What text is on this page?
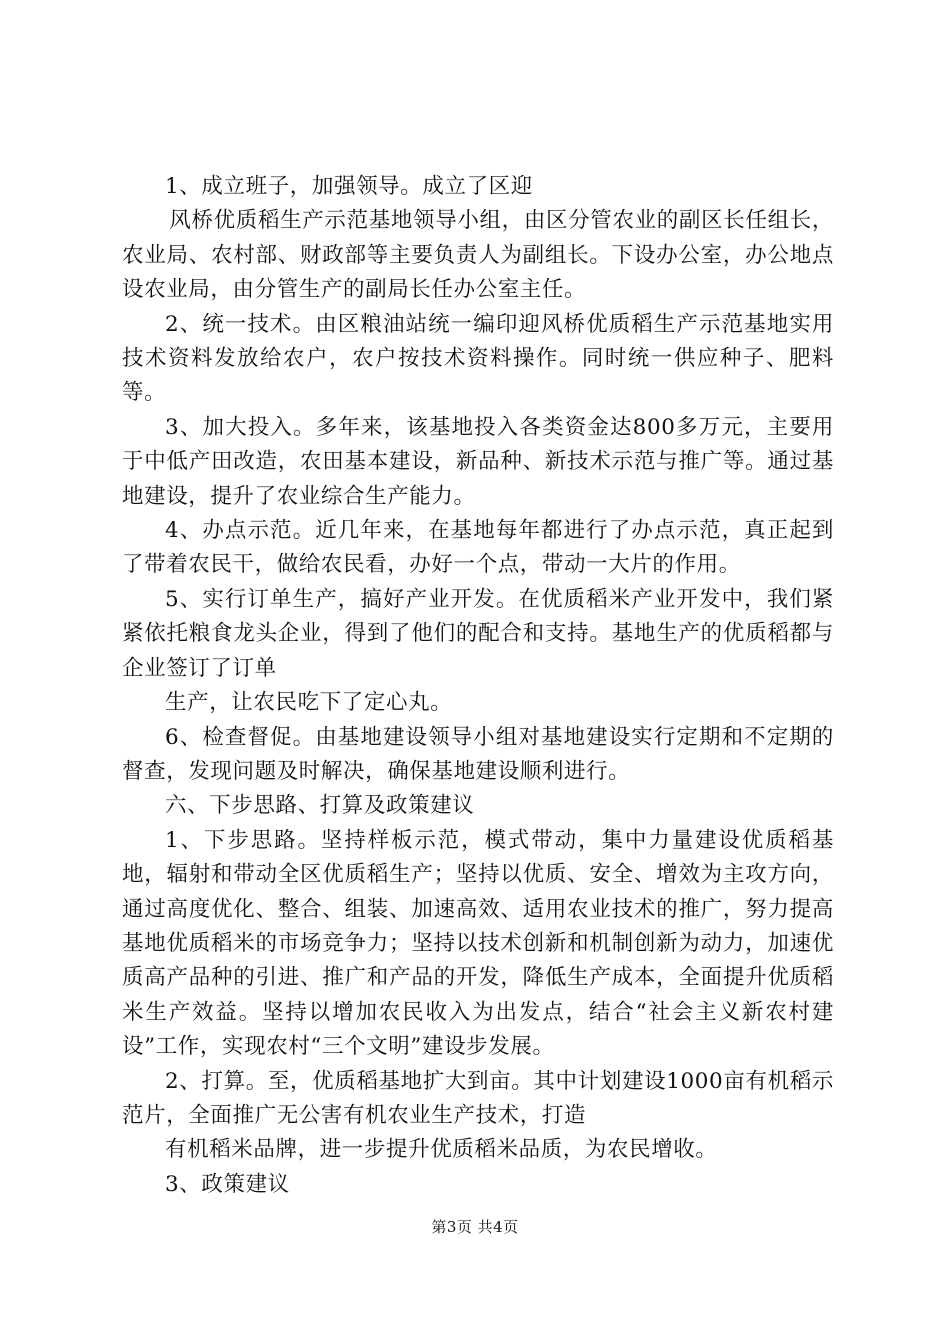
1、成立班子，加强领导。成立了区迎

风桥优质稻生产示范基地领导小组，由区分管农业的副区长任组长，农业局、农村部、财政部等主要负责人为副组长。下设办公室，办公地点设农业局，由分管生产的副局长任办公室主任。

2、统一技术。由区粮油站统一编印迎风桥优质稻生产示范基地实用技术资料发放给农户，农户按技术资料操作。同时统一供应种子、肥料等。

3、加大投入。多年来，该基地投入各类资金达800多万元，主要用于中低产田改造，农田基本建设，新品种、新技术示范与推广等。通过基地建设，提升了农业综合生产能力。

4、办点示范。近几年来，在基地每年都进行了办点示范，真正起到了带着农民干，做给农民看，办好一个点，带动一大片的作用。

5、实行订单生产，搞好产业开发。在优质稻米产业开发中，我们紧紧依托粮食龙头企业，得到了他们的配合和支持。基地生产的优质稻都与企业签订了订单

生产，让农民吃下了定心丸。

6、检查督促。由基地建设领导小组对基地建设实行定期和不定期的督查，发现问题及时解决，确保基地建设顺利进行。

六、下步思路、打算及政策建议

1、下步思路。坚持样板示范，模式带动，集中力量建设优质稻基地，辐射和带动全区优质稻生产；坚持以优质、安全、增效为主攻方向，通过高度优化、整合、组装、加速高效、适用农业技术的推广，努力提高基地优质稻米的市场竞争力；坚持以技术创新和机制创新为动力，加速优质高产品种的引进、推广和产品的开发，降低生产成本，全面提升优质稻米生产效益。坚持以增加农民收入为出发点，结合“社会主义新农村建设”工作，实现农村“三个文明”建设步发展。

2、打算。至，优质稻基地扩大到亩。其中计划建设1000亩有机稻示范片，全面推广无公害有机农业生产技术，打造

有机稻米品牌，进一步提升优质稻米品质，为农民增收。

3、政策建议

第3页 共4页
